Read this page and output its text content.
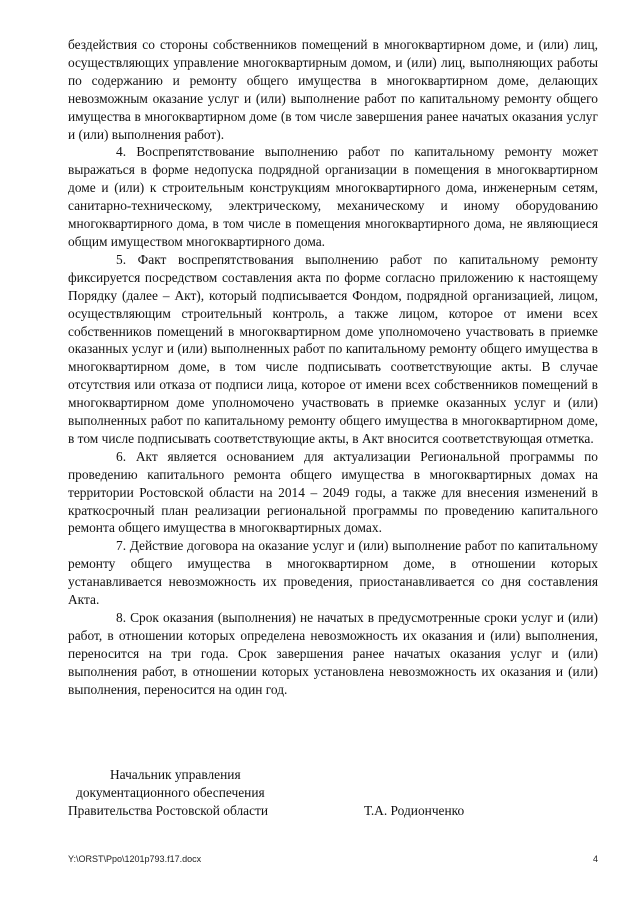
бездействия со стороны собственников помещений в многоквартирном доме, и (или) лиц, осуществляющих управление многоквартирным домом, и (или) лиц, выполняющих работы по содержанию и ремонту общего имущества в многоквартирном доме, делающих невозможным оказание услуг и (или) выполнение работ по капитальному ремонту общего имущества в многоквартирном доме (в том числе завершения ранее начатых оказания услуг и (или) выполнения работ).

4. Воспрепятствование выполнению работ по капитальному ремонту может выражаться в форме недопуска подрядной организации в помещения в многоквартирном доме и (или) к строительным конструкциям многоквартирного дома, инженерным сетям, санитарно-техническому, электрическому, механическому и иному оборудованию многоквартирного дома, в том числе в помещения многоквартирного дома, не являющиеся общим имуществом многоквартирного дома.

5. Факт воспрепятствования выполнению работ по капитальному ремонту фиксируется посредством составления акта по форме согласно приложению к настоящему Порядку (далее – Акт), который подписывается Фондом, подрядной организацией, лицом, осуществляющим строительный контроль, а также лицом, которое от имени всех собственников помещений в многоквартирном доме уполномочено участвовать в приемке оказанных услуг и (или) выполненных работ по капитальному ремонту общего имущества в многоквартирном доме, в том числе подписывать соответствующие акты. В случае отсутствия или отказа от подписи лица, которое от имени всех собственников помещений в многоквартирном доме уполномочено участвовать в приемке оказанных услуг и (или) выполненных работ по капитальному ремонту общего имущества в многоквартирном доме, в том числе подписывать соответствующие акты, в Акт вносится соответствующая отметка.

6. Акт является основанием для актуализации Региональной программы по проведению капитального ремонта общего имущества в многоквартирных домах на территории Ростовской области на 2014 – 2049 годы, а также для внесения изменений в краткосрочный план реализации региональной программы по проведению капитального ремонта общего имущества в многоквартирных домах.

7. Действие договора на оказание услуг и (или) выполнение работ по капитальному ремонту общего имущества в многоквартирном доме, в отношении которых устанавливается невозможность их проведения, приостанавливается со дня составления Акта.

8. Срок оказания (выполнения) не начатых в предусмотренные сроки услуг и (или) работ, в отношении которых определена невозможность их оказания и (или) выполнения, переносится на три года. Срок завершения ранее начатых оказания услуг и (или) выполнения работ, в отношении которых установлена невозможность их оказания и (или) выполнения, переносится на один год.

Начальник управления
документационного обеспечения
Правительства Ростовской области	Т.А. Родионченко
Y:\ORST\Ppo\1201p793.f17.docx	4
